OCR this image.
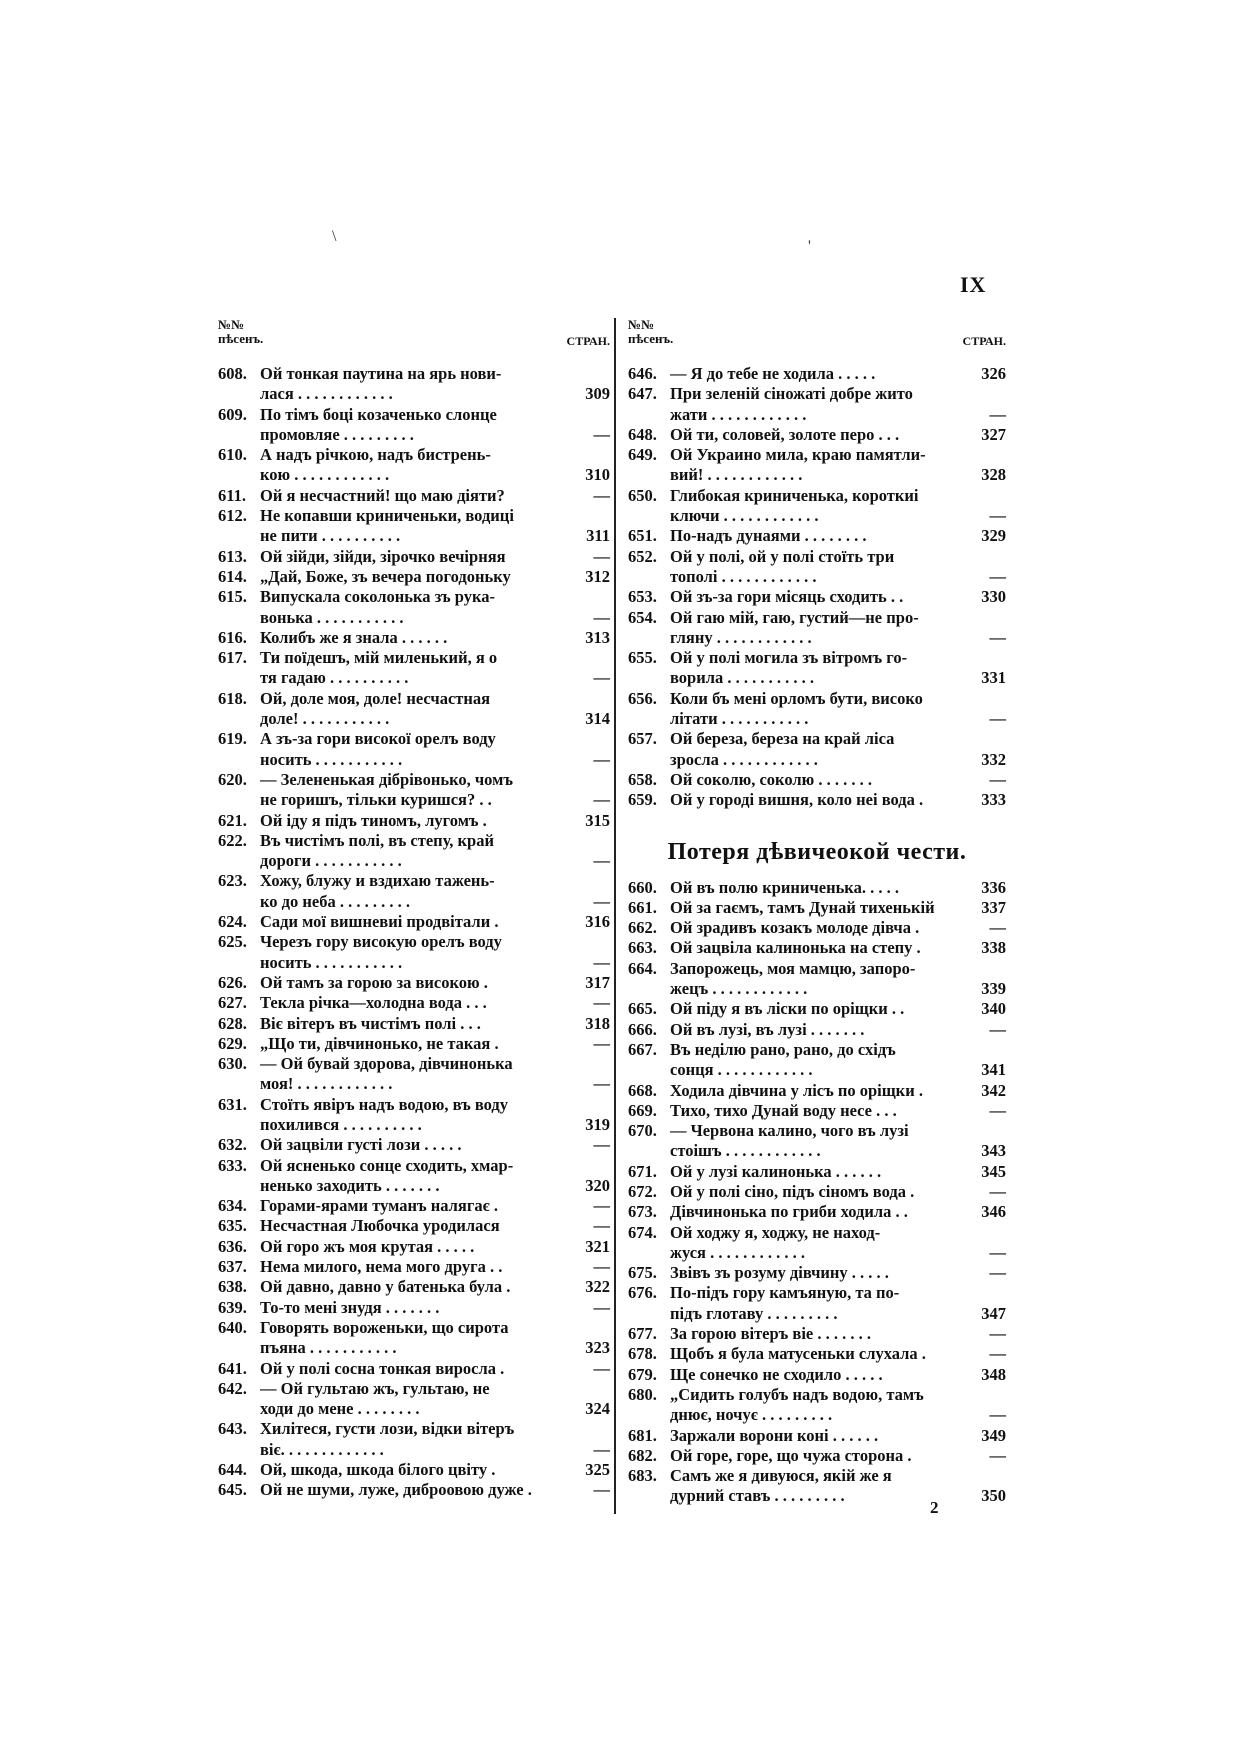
\
'
IX
№№
пѣсенъ.	СТРАН.
608. Ой тонкая паутина на ярь нови-
лася . . . . . . . . . . . .	309
609. По тімъ боці козаченько слонце
промовляе . . . . . . . . .	—
610. А надъ річкою, надъ бистрень-
кою . . . . . . . . . . . .	310
611. Ой я несчастний! що маю діяти?	—
612. Не копавши криниченьки, водиці
не пити . . . . . . . . . .	311
613. Ой зійди, зійди, зірочко вечірняя	—
614. „Дай, Боже, зъ вечера погодоньку	312
615. Випускала соколонька зъ рука-
вонька . . . . . . . . . . .	—
616. Колибъ же я знала . . . . . .	313
617. Ти поїдешъ, мій миленький, я о
тя гадаю . . . . . . . . . .	—
618. Ой, доле моя, доле! несчастная
доле! . . . . . . . . . . .	314
619. А зъ-за гори високої орелъ воду
носить . . . . . . . . . . .	—
620. — Зелененькая дібрівонько, чомъ
не горишъ, тільки куришся? . .	—
621. Ой іду я підъ тиномъ, лугомъ .	315
622. Въ чистімъ полі, въ степу, край
дороги . . . . . . . . . . .	—
623. Хожу, блужу и вздихаю тажень-
ко до неба . . . . . . . . .	—
624. Сади мої вишневиі продвітали .	316
625. Черезъ гору високую орелъ воду
носить . . . . . . . . . . .	—
626. Ой тамъ за горою за високою .	317
627. Текла річка—холодна вода . . .	—
628. Віє вітеръ въ чистімъ полі . . .	318
629. „Що ти, дівчинонько, не такая .	—
630. — Ой бувай здорова, дівчинонька
моя! . . . . . . . . . . . .	—
631. Стоїть явіръ надъ водою, въ воду
похилився . . . . . . . . . .	319
632. Ой зацвіли густі лози . . . . .	—
633. Ой ясненько сонце сходить, хмар-
ненько заходить . . . . . . .	320
634. Горами-ярами туманъ налягає .	—
635. Несчастная Любочка уродилася	—
636. Ой горо жъ моя крутая . . . . .	321
637. Нема милого, нема мого друга . .	—
638. Ой давно, давно у батенька була .	322
639. То-то мені знудя . . . . . . .	—
640. Говорять вороженьки, що сирота
пъяна . . . . . . . . . . .	323
641. Ой у полі сосна тонкая виросла .	—
642. — Ой гультаю жъ, гультаю, не
ходи до мене . . . . . . . .	324
643. Хилітеся, густи лози, відки вітеръ
віє. . . . . . . . . . . . .	—
644. Ой, шкода, шкода білого цвіту .	325
645. Ой не шуми, луже, диброовою дуже .	—
№№
пѣсенъ.	СТРАН.
646. — Я до тебе не ходила . . . . .	326
647. При зеленій сіножаті добре жито
жати . . . . . . . . . . . .	—
648. Ой ти, соловей, золоте перо . . .	327
649. Ой Украино мила, краю памятли-
вий! . . . . . . . . . . . .	328
650. Глибокая криниченька, короткиі
ключи . . . . . . . . . . . .	—
651. По-надъ дунаями . . . . . . . .	329
652. Ой у полі, ой у полі стоїть три
тополі . . . . . . . . . . . .	—
653. Ой зъ-за гори місяць сходить . .	330
654. Ой гаю мій, гаю, густий—не про-
гляну . . . . . . . . . . . .	—
655. Ой у полі могила зъ вітромъ го-
ворила . . . . . . . . . . .	331
656. Коли бъ мені орломъ бути, високо
літати . . . . . . . . . . .	—
657. Ой береза, береза на край ліса
зросла . . . . . . . . . . . .	332
658. Ой соколю, соколю . . . . . . .	—
659. Ой у городі вишня, коло неі вода .	333
Потеря дѣвичеокой чести.
660. Ой въ полю криниченька. . . . .	336
661. Ой за гаємъ, тамъ Дунай тихенькій	337
662. Ой зрадивъ козакъ молоде дівча .	—
663. Ой зацвіла калинонька на степу .	338
664. Запорожець, моя мамцю, запоро-
жецъ . . . . . . . . . . . .	339
665. Ой піду я въ ліски по оріщки . .	340
666. Ой въ лузі, въ лузі . . . . . . .	—
667. Въ неділю рано, рано, до східъ
сонця . . . . . . . . . . . .	341
668. Ходила дівчина у лісъ по оріщки .	342
669. Тихо, тихо Дунай воду несе . . .	—
670. — Червона калино, чого въ лузі
стоішъ . . . . . . . . . . . .	343
671. Ой у лузі калинонька . . . . . .	345
672. Ой у полі сіно, підъ сіномъ вода .	—
673. Дівчинонька по гриби ходила . .	346
674. Ой ходжу я, ходжу, не наход-
жуся . . . . . . . . . . . .	—
675. Звівъ зъ розуму дівчину . . . . .	—
676. По-підъ гору камъяную, та по-
підъ глотаву . . . . . . . . .	347
677. За горою вітеръ віе . . . . . . .	—
678. Щобъ я була матусеньки слухала .	—
679. Ще сонечко не сходило . . . . .	348
680. „Сидить голубъ надъ водою, тамъ
днює, ночує . . . . . . . . .	—
681. Заржали ворони коні . . . . . .	349
682. Ой горе, горе, що чужа сторона .	—
683. Самъ же я дивуюся, якій же я
дурний ставъ . . . . . . . . .	350
2
